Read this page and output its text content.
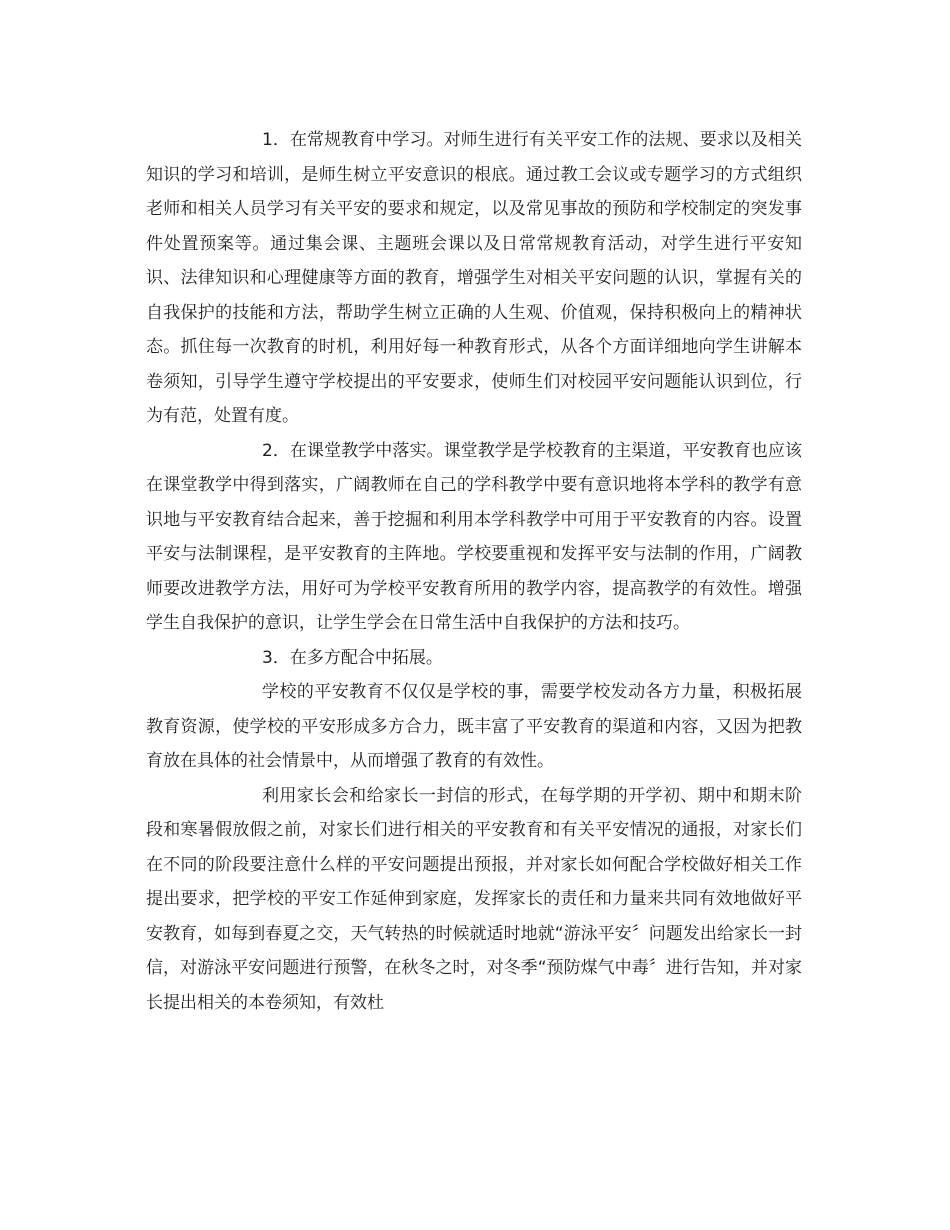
1．在常规教育中学习。对师生进行有关平安工作的法规、要求以及相关知识的学习和培训，是师生树立平安意识的根底。通过教工会议或专题学习的方式组织老师和相关人员学习有关平安的要求和规定，以及常见事故的预防和学校制定的突发事件处置预案等。通过集会课、主题班会课以及日常常规教育活动，对学生进行平安知识、法律知识和心理健康等方面的教育，增强学生对相关平安问题的认识，掌握有关的自我保护的技能和方法，帮助学生树立正确的人生观、价值观，保持积极向上的精神状态。抓住每一次教育的时机，利用好每一种教育形式，从各个方面详细地向学生讲解本卷须知，引导学生遵守学校提出的平安要求，使师生们对校园平安问题能认识到位，行为有范，处置有度。

2．在课堂教学中落实。课堂教学是学校教育的主渠道，平安教育也应该在课堂教学中得到落实，广阔教师在自己的学科教学中要有意识地将本学科的教学有意识地与平安教育结合起来，善于挖掘和利用本学科教学中可用于平安教育的内容。设置平安与法制课程，是平安教育的主阵地。学校要重视和发挥平安与法制的作用，广阔教师要改进教学方法，用好可为学校平安教育所用的教学内容，提高教学的有效性。增强学生自我保护的意识，让学生学会在日常生活中自我保护的方法和技巧。

3．在多方配合中拓展。

学校的平安教育不仅仅是学校的事，需要学校发动各方力量，积极拓展教育资源，使学校的平安形成多方合力，既丰富了平安教育的渠道和内容，又因为把教育放在具体的社会情景中，从而增强了教育的有效性。

利用家长会和给家长一封信的形式，在每学期的开学初、期中和期末阶段和寒暑假放假之前，对家长们进行相关的平安教育和有关平安情况的通报，对家长们在不同的阶段要注意什么样的平安问题提出预报，并对家长如何配合学校做好相关工作提出要求，把学校的平安工作延伸到家庭，发挥家长的责任和力量来共同有效地做好平安教育，如每到春夏之交，天气转热的时候就适时地就“游泳平安〞问题发出给家长一封信，对游泳平安问题进行预警，在秋冬之时，对冬季“预防煤气中毒〞进行告知，并对家长提出相关的本卷须知，有效杜
